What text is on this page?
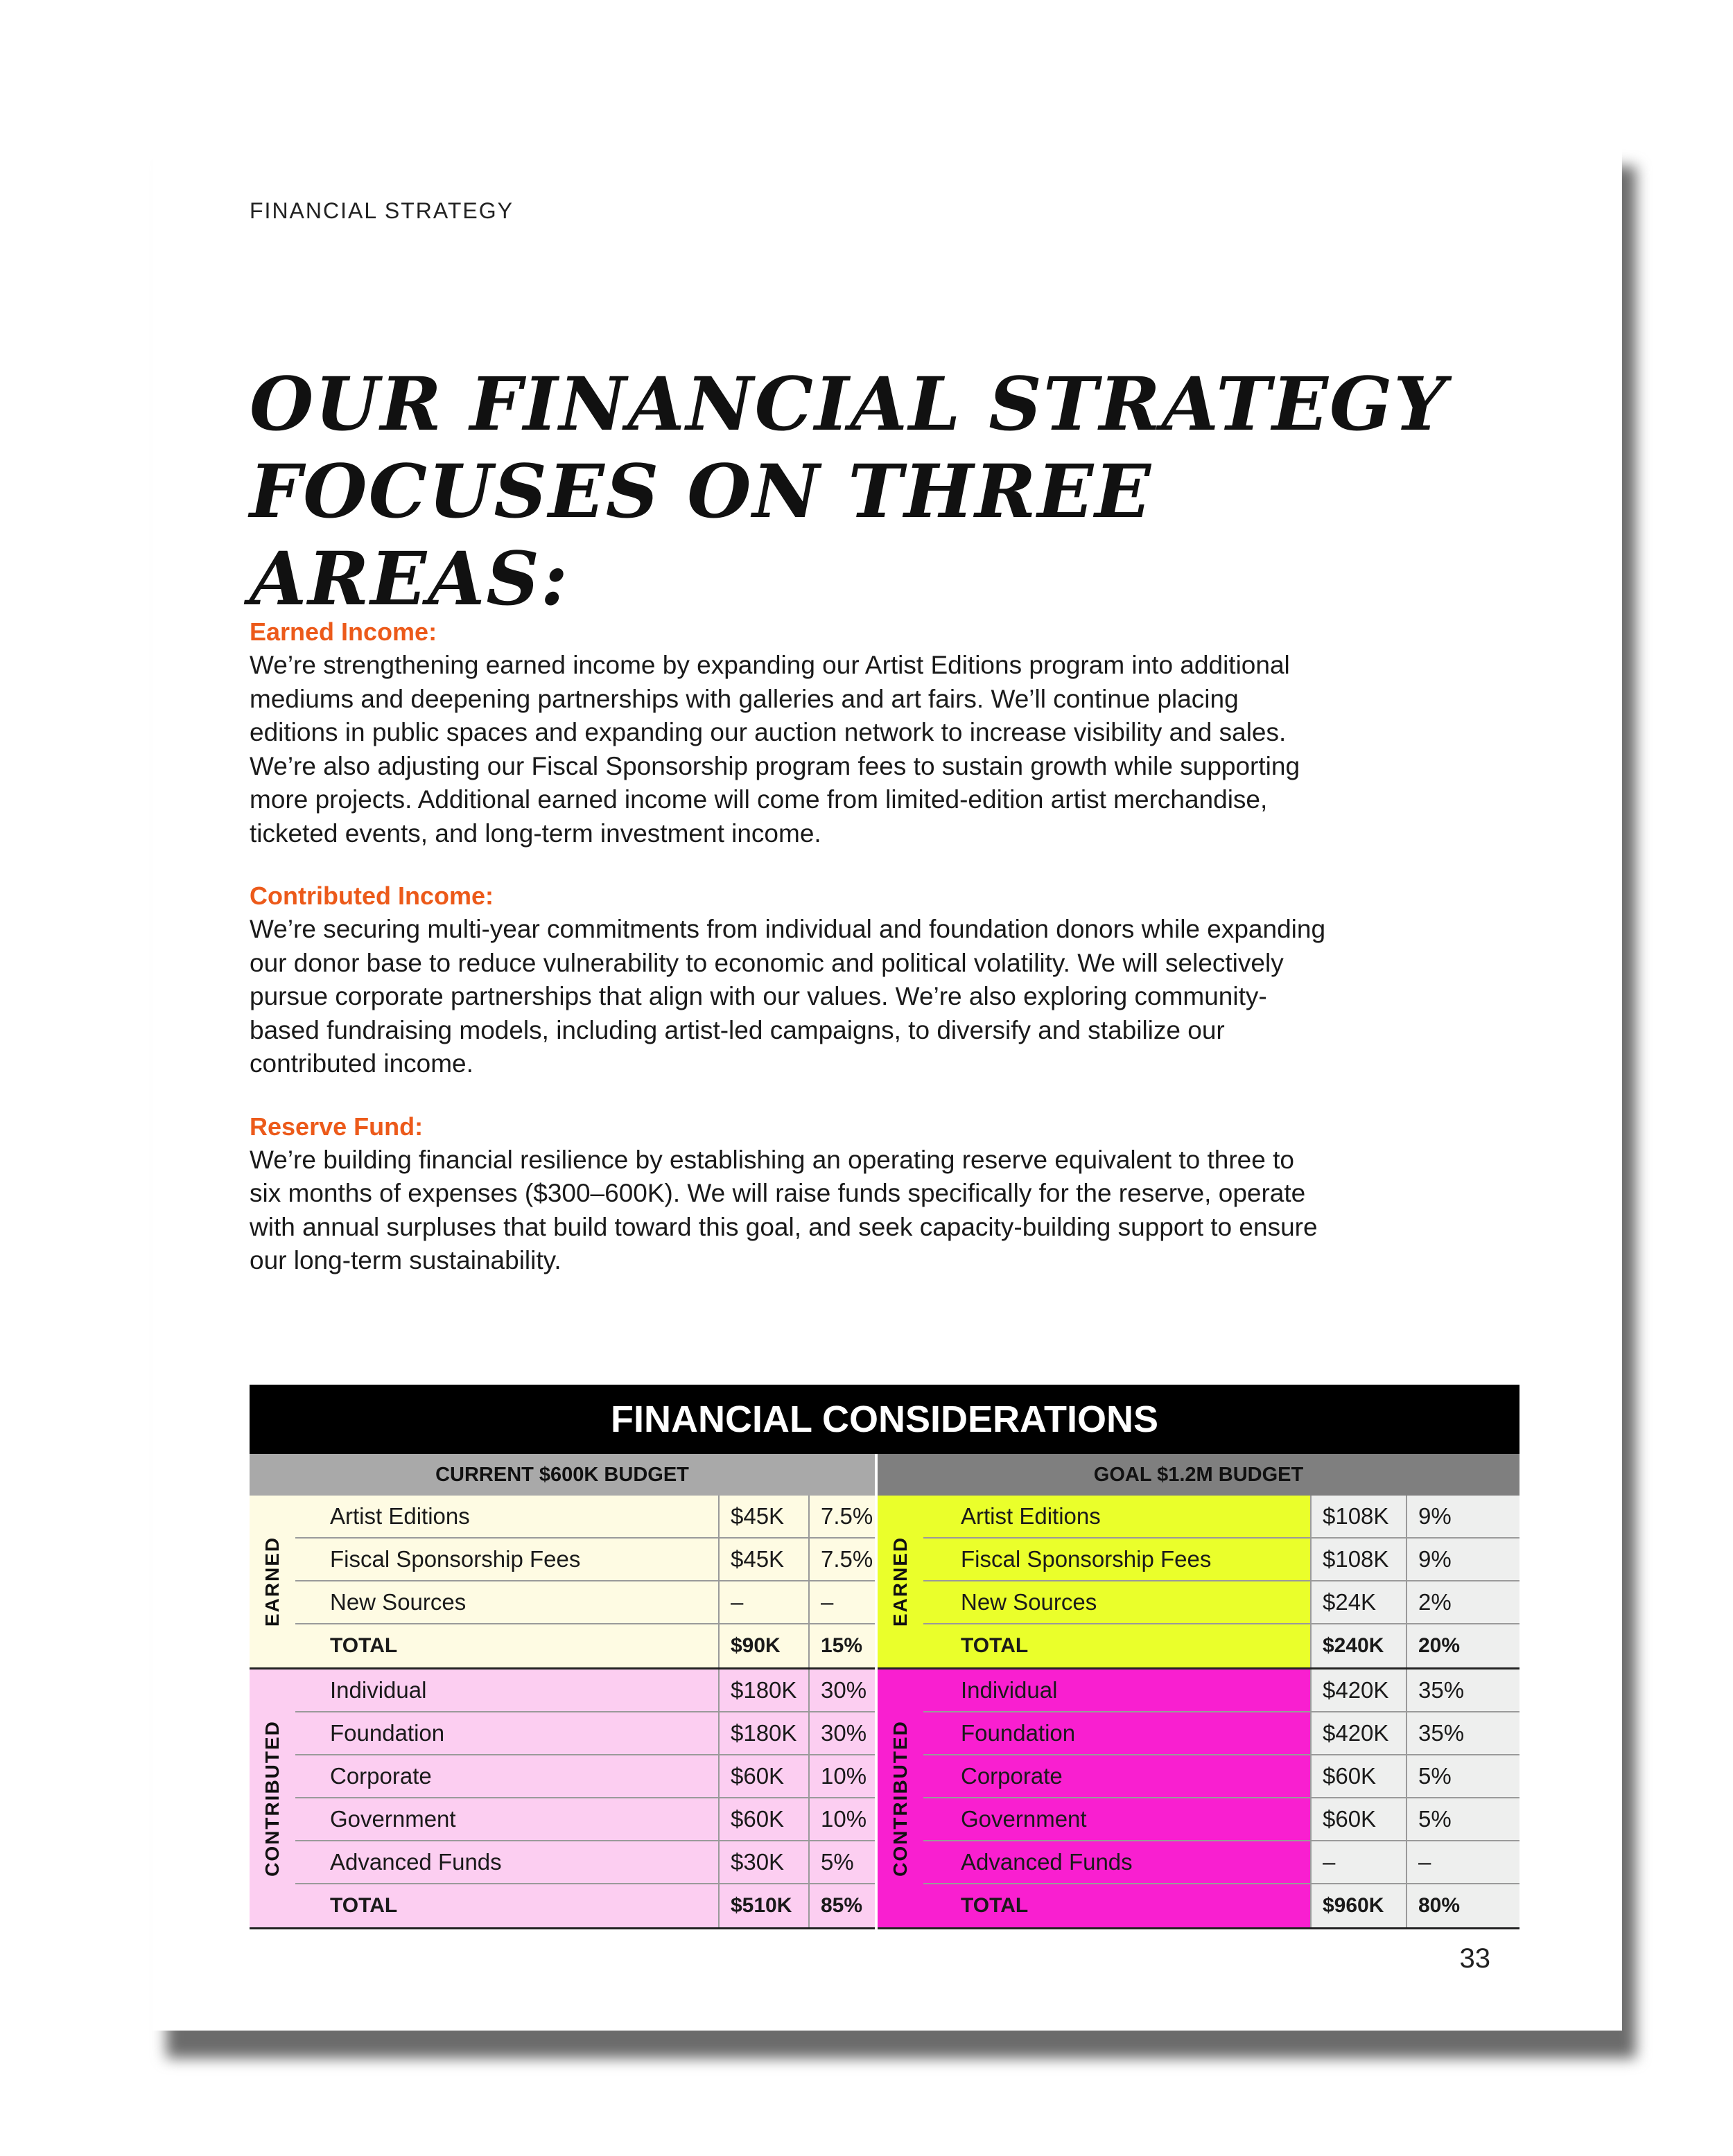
FINANCIAL STRATEGY
OUR FINANCIAL STRATEGY
FOCUSES ON THREE AREAS:
Earned Income:

We’re strengthening earned income by expanding our Artist Editions program into additional mediums and deepening partnerships with galleries and art fairs. We’ll continue placing editions in public spaces and expanding our auction network to increase visibility and sales. We’re also adjusting our Fiscal Sponsorship program fees to sustain growth while supporting more projects. Additional earned income will come from limited-edition artist merchandise, ticketed events, and long-term investment income.

Contributed Income:

We’re securing multi-year commitments from individual and foundation donors while expanding our donor base to reduce vulnerability to economic and political volatility. We will selectively pursue corporate partnerships that align with our values. We’re also exploring community-based fundraising models, including artist-led campaigns, to diversify and stabilize our contributed income.

Reserve Fund:

We’re building financial resilience by establishing an operating reserve equivalent to three to six months of expenses ($300–600K). We will raise funds specifically for the reserve, operate with annual surpluses that build toward this goal, and seek capacity-building support to ensure our long-term sustainability.

FINANCIAL CONSIDERATIONS
CURRENT $600K BUDGET	GOAL $1.2M BUDGET
EARNED
Artist Editions	$45K	7.5%
Fiscal Sponsorship Fees	$45K	7.5%
New Sources	–	–
TOTAL	$90K	15%
CONTRIBUTED
Individual	$180K	30%
Foundation	$180K	30%
Corporate	$60K	10%
Government	$60K	10%
Advanced Funds	$30K	5%
TOTAL	$510K	85%
EARNED
Artist Editions	$108K	9%
Fiscal Sponsorship Fees	$108K	9%
New Sources	$24K	2%
TOTAL	$240K	20%
CONTRIBUTED
Individual	$420K	35%
Foundation	$420K	35%
Corporate	$60K	5%
Government	$60K	5%
Advanced Funds	–	–
TOTAL	$960K	80%
33
